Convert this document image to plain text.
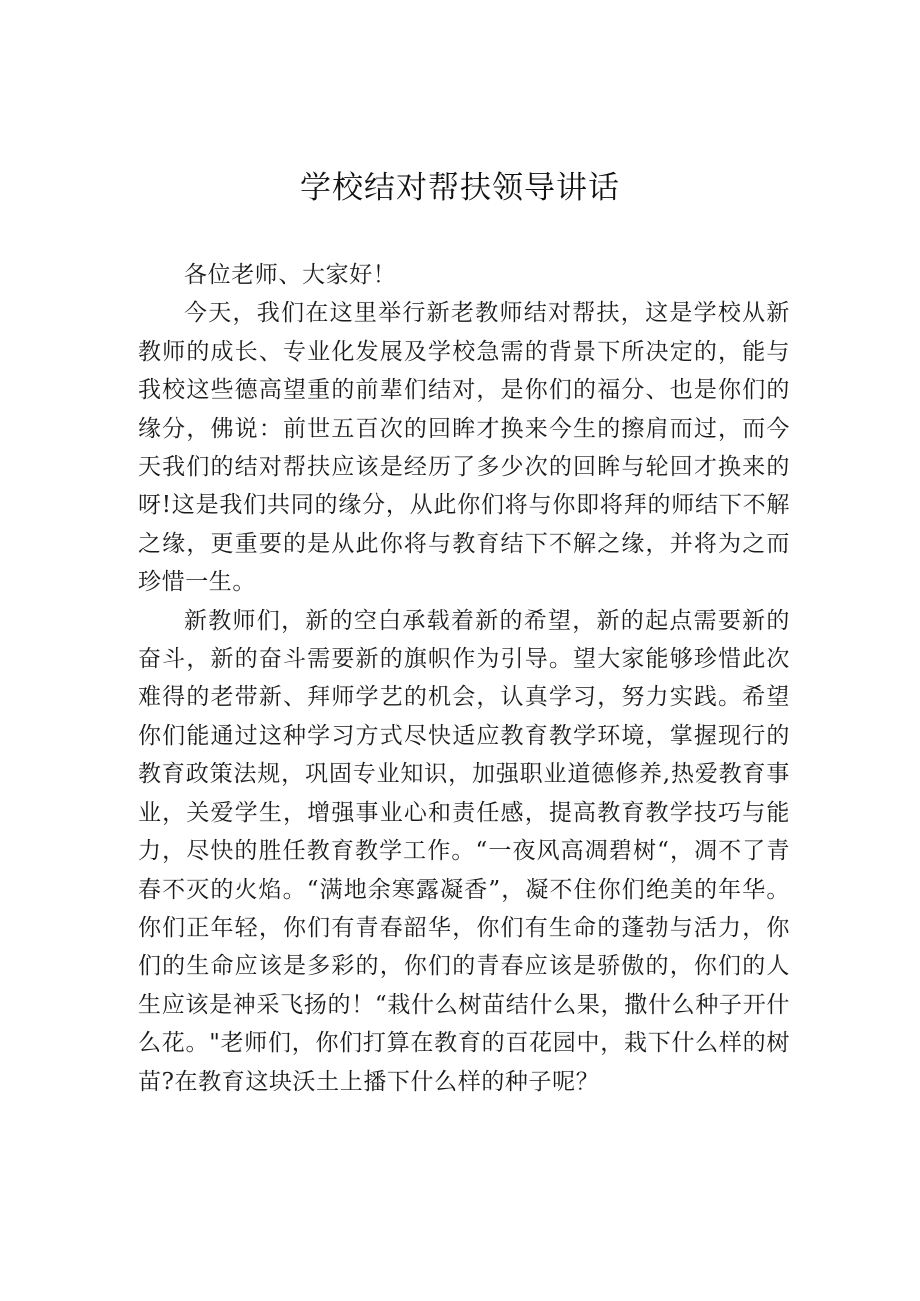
学校结对帮扶领导讲话

各位老师、大家好！

今天，我们在这里举行新老教师结对帮扶，这是学校从新教师的成长、专业化发展及学校急需的背景下所决定的，能与我校这些德高望重的前辈们结对，是你们的福分、也是你们的缘分，佛说：前世五百次的回眸才换来今生的擦肩而过，而今天我们的结对帮扶应该是经历了多少次的回眸与轮回才换来的呀!这是我们共同的缘分，从此你们将与你即将拜的师结下不解之缘，更重要的是从此你将与教育结下不解之缘，并将为之而珍惜一生。

新教师们，新的空白承载着新的希望，新的起点需要新的奋斗，新的奋斗需要新的旗帜作为引导。望大家能够珍惜此次难得的老带新、拜师学艺的机会，认真学习，努力实践。希望你们能通过这种学习方式尽快适应教育教学环境，掌握现行的教育政策法规，巩固专业知识，加强职业道德修养,热爱教育事业，关爱学生，增强事业心和责任感，提高教育教学技巧与能力，尽快的胜任教育教学工作。“一夜风高凋碧树“，凋不了青春不灭的火焰。“满地余寒露凝香”，凝不住你们绝美的年华。你们正年轻，你们有青春韶华，你们有生命的蓬勃与活力，你们的生命应该是多彩的，你们的青春应该是骄傲的，你们的人生应该是神采飞扬的！“栽什么树苗结什么果，撒什么种子开什么花。"老师们，你们打算在教育的百花园中，栽下什么样的树苗?在教育这块沃土上播下什么样的种子呢？
